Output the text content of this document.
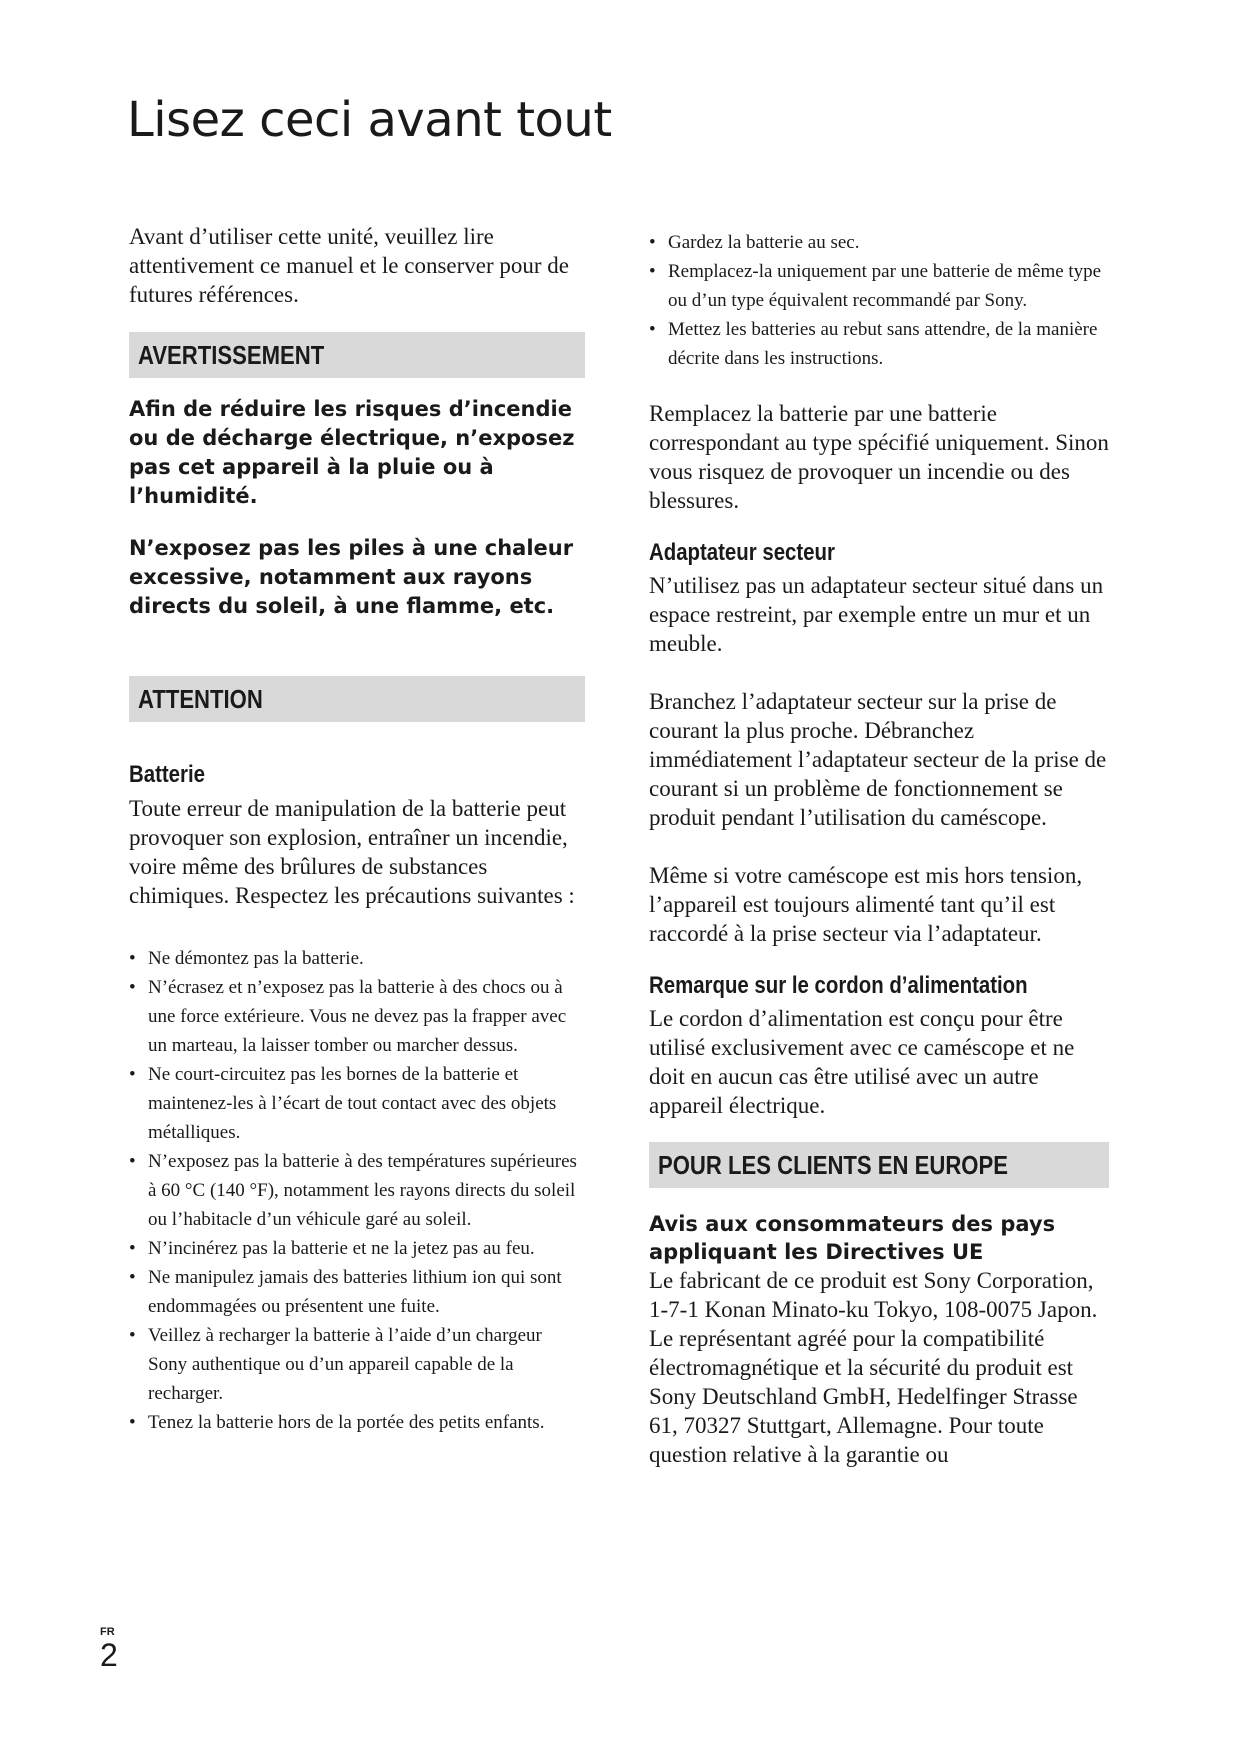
Lisez ceci avant tout

Avant d’utiliser cette unité, veuillez lire attentivement ce manuel et le conserver pour de futures références.

AVERTISSEMENT

Afin de réduire les risques d’incendie ou de décharge électrique, n’exposez pas cet appareil à la pluie ou à l’humidité.

N’exposez pas les piles à une chaleur excessive, notamment aux rayons directs du soleil, à une flamme, etc.

ATTENTION

Batterie

Toute erreur de manipulation de la batterie peut provoquer son explosion, entraîner un incendie, voire même des brûlures de substances chimiques. Respectez les précautions suivantes :

• Ne démontez pas la batterie.
• N’écrasez et n’exposez pas la batterie à des chocs ou à une force extérieure. Vous ne devez pas la frapper avec un marteau, la laisser tomber ou marcher dessus.
• Ne court-circuitez pas les bornes de la batterie et maintenez-les à l’écart de tout contact avec des objets métalliques.
• N’exposez pas la batterie à des températures supérieures à 60 °C (140 °F), notamment les rayons directs du soleil ou l’habitacle d’un véhicule garé au soleil.
• N’incinérez pas la batterie et ne la jetez pas au feu.
• Ne manipulez jamais des batteries lithium ion qui sont endommagées ou présentent une fuite.
• Veillez à recharger la batterie à l’aide d’un chargeur Sony authentique ou d’un appareil capable de la recharger.
• Tenez la batterie hors de la portée des petits enfants.
• Gardez la batterie au sec.
• Remplacez-la uniquement par une batterie de même type ou d’un type équivalent recommandé par Sony.
• Mettez les batteries au rebut sans attendre, de la manière décrite dans les instructions.

Remplacez la batterie par une batterie correspondant au type spécifié uniquement. Sinon vous risquez de provoquer un incendie ou des blessures.

Adaptateur secteur

N’utilisez pas un adaptateur secteur situé dans un espace restreint, par exemple entre un mur et un meuble.

Branchez l’adaptateur secteur sur la prise de courant la plus proche. Débranchez immédiatement l’adaptateur secteur de la prise de courant si un problème de fonctionnement se produit pendant l’utilisation du caméscope.

Même si votre caméscope est mis hors tension, l’appareil est toujours alimenté tant qu’il est raccordé à la prise secteur via l’adaptateur.

Remarque sur le cordon d’alimentation

Le cordon d’alimentation est conçu pour être utilisé exclusivement avec ce caméscope et ne doit en aucun cas être utilisé avec un autre appareil électrique.

POUR LES CLIENTS EN EUROPE

Avis aux consommateurs des pays appliquant les Directives UE

Le fabricant de ce produit est Sony Corporation, 1-7-1 Konan Minato-ku Tokyo, 108-0075 Japon. Le représentant agréé pour la compatibilité électromagnétique et la sécurité du produit est Sony Deutschland GmbH, Hedelfinger Strasse 61, 70327 Stuttgart, Allemagne. Pour toute question relative à la garantie ou

FR
2
